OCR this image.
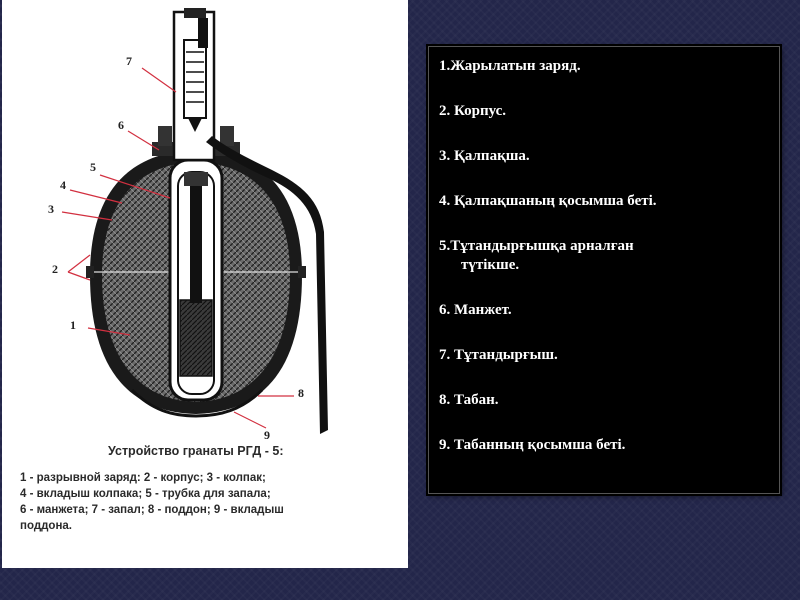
7
6
5
4
3
2
1
8
9
Устройство гранаты РГД - 5:
1 - разрывной заряд: 2 - корпус; 3 - колпак;
4 - вкладыш колпака; 5 - трубка для запала;
6 - манжета; 7 - запал; 8 - поддон; 9 - вкладыш
поддона.
1.Жарылатын заряд.
2. Корпус.
3. Қалпақша.
4. Қалпақшаның қосымша беті.
5.Тұтандырғышқа арналған
түтікше.
6. Манжет.
7. Тұтандырғыш.
8. Табан.
9. Табанның қосымша беті.
